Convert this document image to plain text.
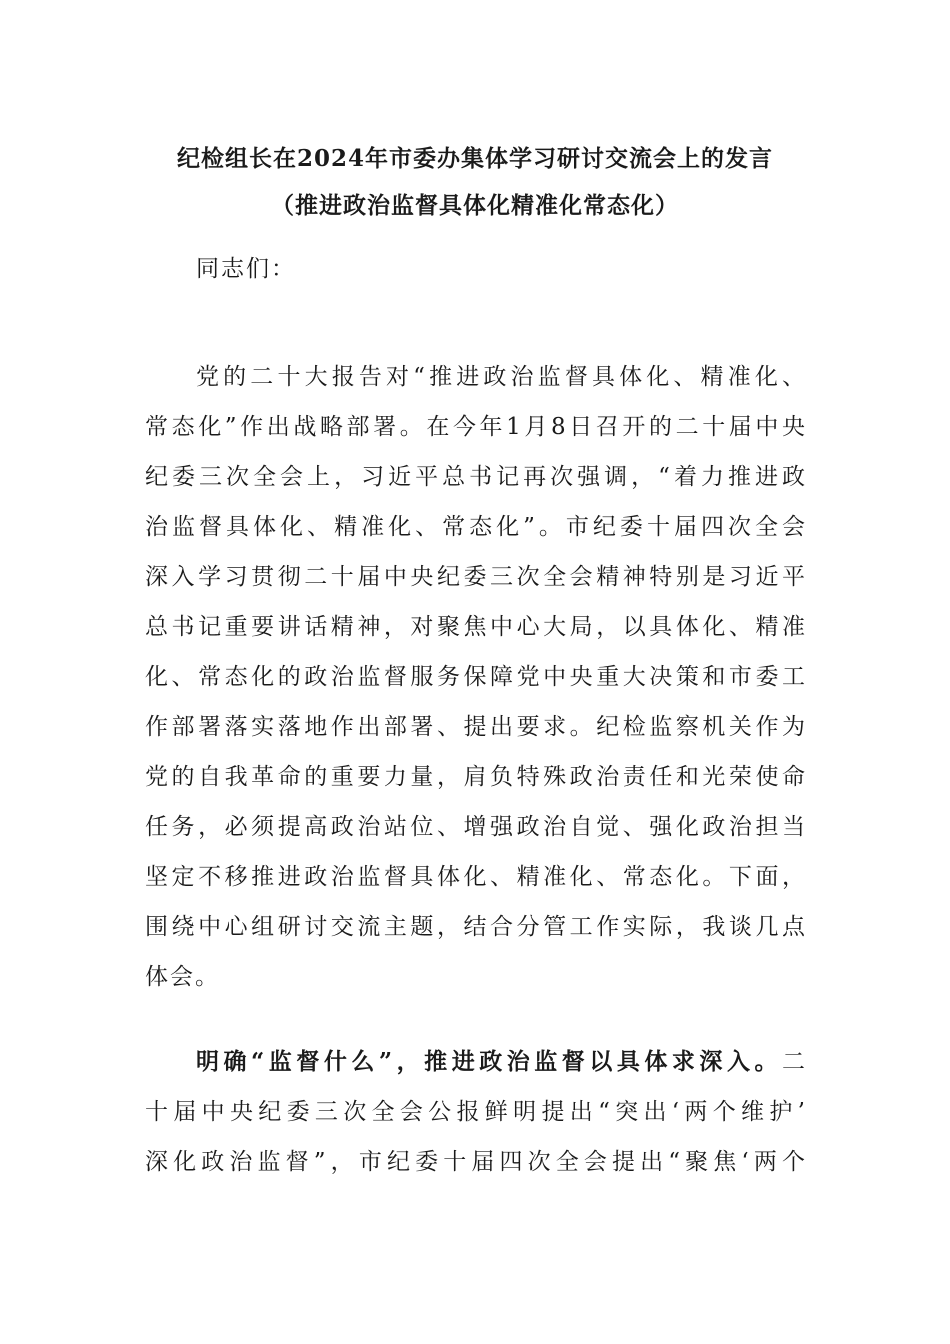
纪检组长在2024年市委办集体学习研讨交流会上的发言
（推进政治监督具体化精准化常态化）
同志们：
党的二十大报告对“推进政治监督具体化、精准化、
常态化”作出战略部署。在今年1月8日召开的二十届中央
纪委三次全会上，习近平总书记再次强调，“着力推进政
治监督具体化、精准化、常态化”。市纪委十届四次全会
深入学习贯彻二十届中央纪委三次全会精神特别是习近平
总书记重要讲话精神，对聚焦中心大局，以具体化、精准
化、常态化的政治监督服务保障党中央重大决策和市委工
作部署落实落地作出部署、提出要求。纪检监察机关作为
党的自我革命的重要力量，肩负特殊政治责任和光荣使命
任务，必须提高政治站位、增强政治自觉、强化政治担当
坚定不移推进政治监督具体化、精准化、常态化。下面，
围绕中心组研讨交流主题，结合分管工作实际，我谈几点
体会。
明确“监督什么”，推进政治监督以具体求深入。二
十届中央纪委三次全会公报鲜明提出“突出‘两个维护’
深化政治监督”，市纪委十届四次全会提出“聚焦‘两个
